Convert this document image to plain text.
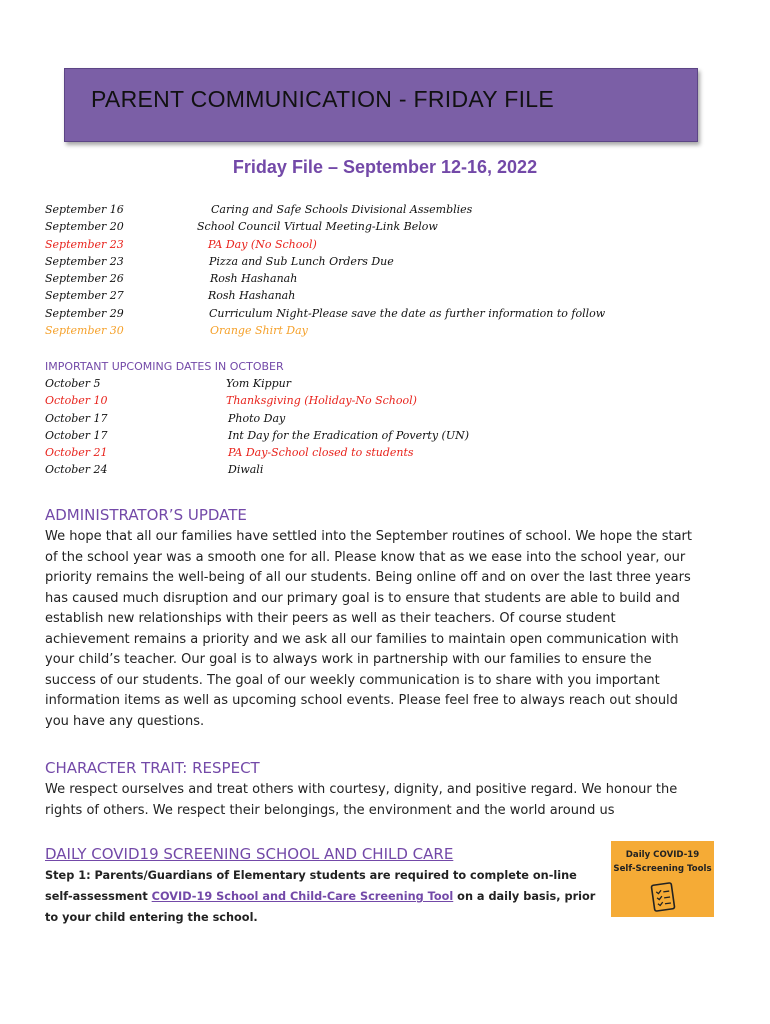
PARENT COMMUNICATION - FRIDAY FILE
Friday File – September 12-16, 2022
September 16	Caring and Safe Schools Divisional Assemblies
September 20	School Council Virtual Meeting-Link Below
September 23	PA Day (No School)
September 23	Pizza and Sub Lunch Orders Due
September 26	Rosh Hashanah
September 27	Rosh Hashanah
September 29	Curriculum Night-Please save the date as further information to follow
September 30	Orange Shirt Day
IMPORTANT UPCOMING DATES IN OCTOBER
October 5	Yom Kippur
October 10	Thanksgiving (Holiday-No School)
October 17	Photo Day
October 17	Int Day for the Eradication of Poverty (UN)
October 21	PA Day-School closed to students
October 24	Diwali
ADMINISTRATOR’S UPDATE
We hope that all our families have settled into the September routines of school. We hope the start
of the school year was a smooth one for all. Please know that as we ease into the school year, our
priority remains the well-being of all our students. Being online off and on over the last three years
has caused much disruption and our primary goal is to ensure that students are able to build and
establish new relationships with their peers as well as their teachers. Of course student
achievement remains a priority and we ask all our families to maintain open communication with
your child’s teacher. Our goal is to always work in partnership with our families to ensure the
success of our students. The goal of our weekly communication is to share with you important
information items as well as upcoming school events. Please feel free to always reach out should
you have any questions.
CHARACTER TRAIT: RESPECT
We respect ourselves and treat others with courtesy, dignity, and positive regard. We honour the
rights of others. We respect their belongings, the environment and the world around us
DAILY COVID19 SCREENING SCHOOL AND CHILD CARE
Step 1: Parents/Guardians of Elementary students are required to complete on-line
self-assessment COVID-19 School and Child-Care Screening Tool on a daily basis, prior
to your child entering the school.
Daily COVID-19
Self-Screening Tools
